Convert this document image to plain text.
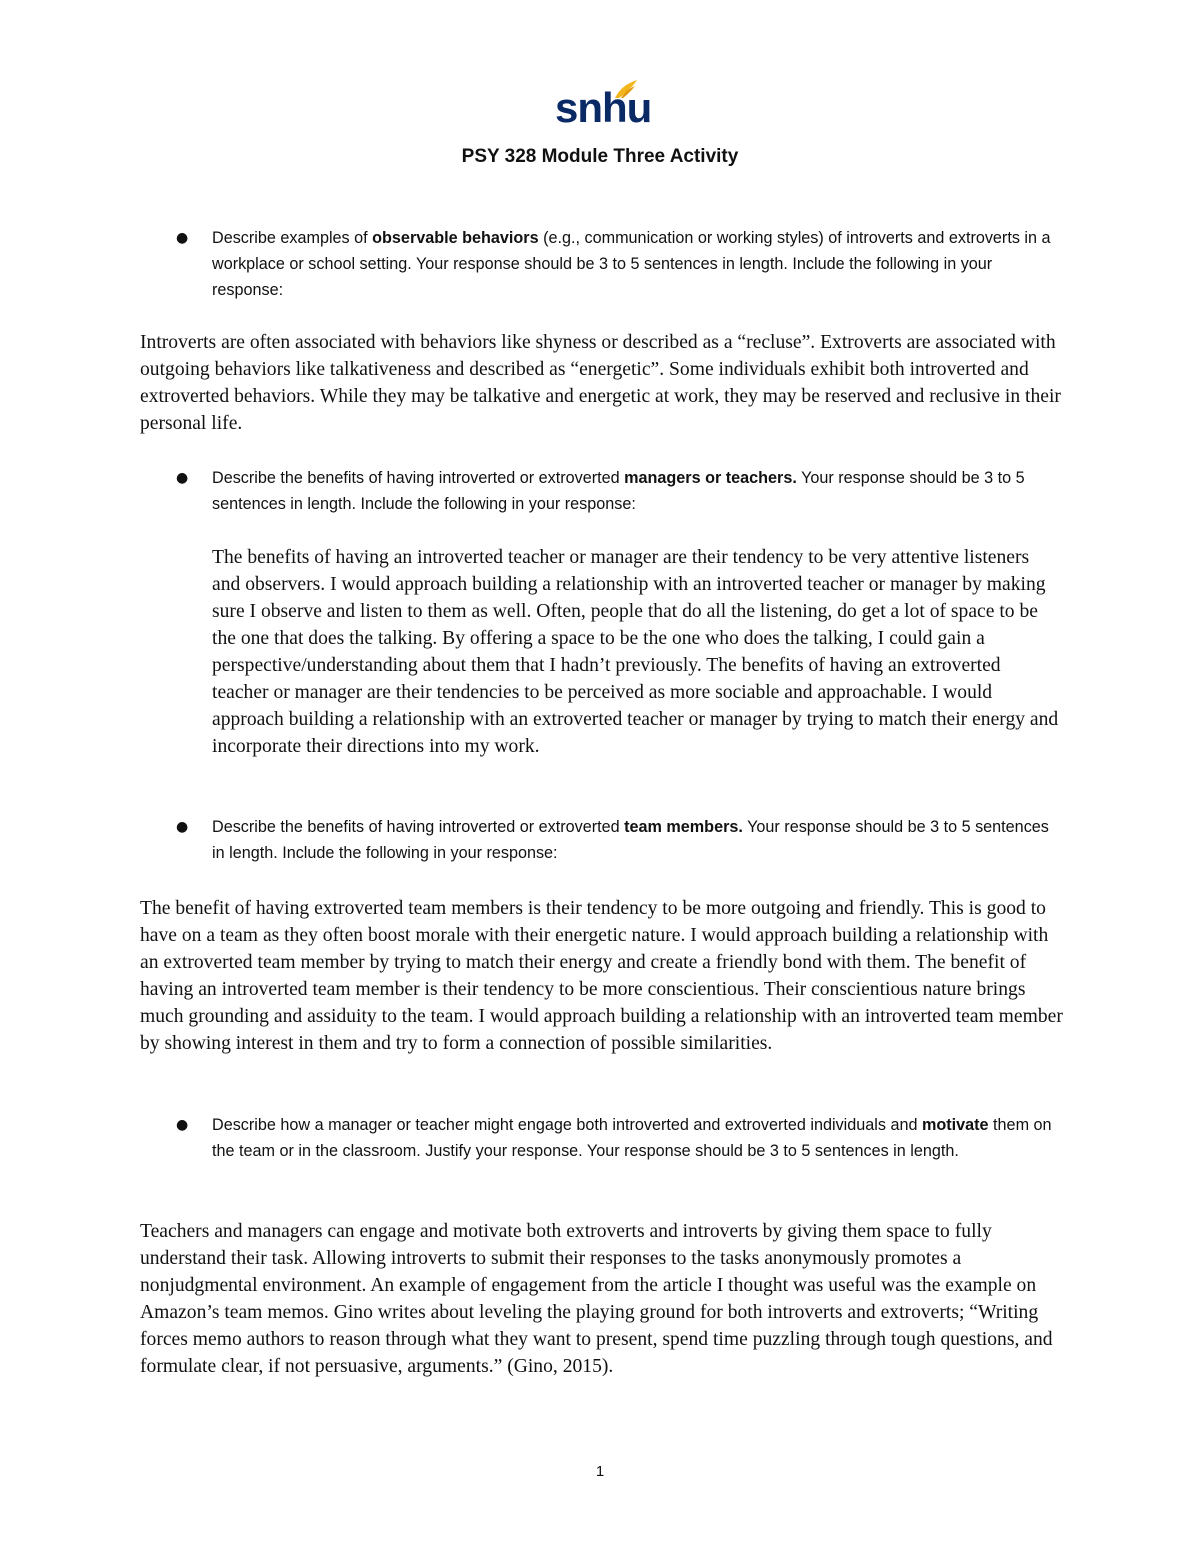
snhu
PSY 328 Module Three Activity
● Describe examples of observable behaviors (e.g., communication or working styles) of introverts and extroverts in a workplace or school setting. Your response should be 3 to 5 sentences in length. Include the following in your response:

Introverts are often associated with behaviors like shyness or described as a “recluse”. Extroverts are associated with outgoing behaviors like talkativeness and described as “energetic”. Some individuals exhibit both introverted and extroverted behaviors. While they may be talkative and energetic at work, they may be reserved and reclusive in their personal life.

● Describe the benefits of having introverted or extroverted managers or teachers. Your response should be 3 to 5 sentences in length. Include the following in your response:

The benefits of having an introverted teacher or manager are their tendency to be very attentive listeners and observers. I would approach building a relationship with an introverted teacher or manager by making sure I observe and listen to them as well. Often, people that do all the listening, do get a lot of space to be the one that does the talking. By offering a space to be the one who does the talking, I could gain a perspective/understanding about them that I hadn’t previously. The benefits of having an extroverted teacher or manager are their tendencies to be perceived as more sociable and approachable. I would approach building a relationship with an extroverted teacher or manager by trying to match their energy and incorporate their directions into my work.

● Describe the benefits of having introverted or extroverted team members. Your response should be 3 to 5 sentences in length. Include the following in your response:

The benefit of having extroverted team members is their tendency to be more outgoing and friendly. This is good to have on a team as they often boost morale with their energetic nature. I would approach building a relationship with an extroverted team member by trying to match their energy and create a friendly bond with them. The benefit of having an introverted team member is their tendency to be more conscientious. Their conscientious nature brings much grounding and assiduity to the team. I would approach building a relationship with an introverted team member by showing interest in them and try to form a connection of possible similarities.

● Describe how a manager or teacher might engage both introverted and extroverted individuals and motivate them on the team or in the classroom. Justify your response. Your response should be 3 to 5 sentences in length.

Teachers and managers can engage and motivate both extroverts and introverts by giving them space to fully understand their task. Allowing introverts to submit their responses to the tasks anonymously promotes a nonjudgmental environment. An example of engagement from the article I thought was useful was the example on Amazon’s team memos. Gino writes about leveling the playing ground for both introverts and extroverts; “Writing forces memo authors to reason through what they want to present, spend time puzzling through tough questions, and formulate clear, if not persuasive, arguments.” (Gino, 2015).

1
